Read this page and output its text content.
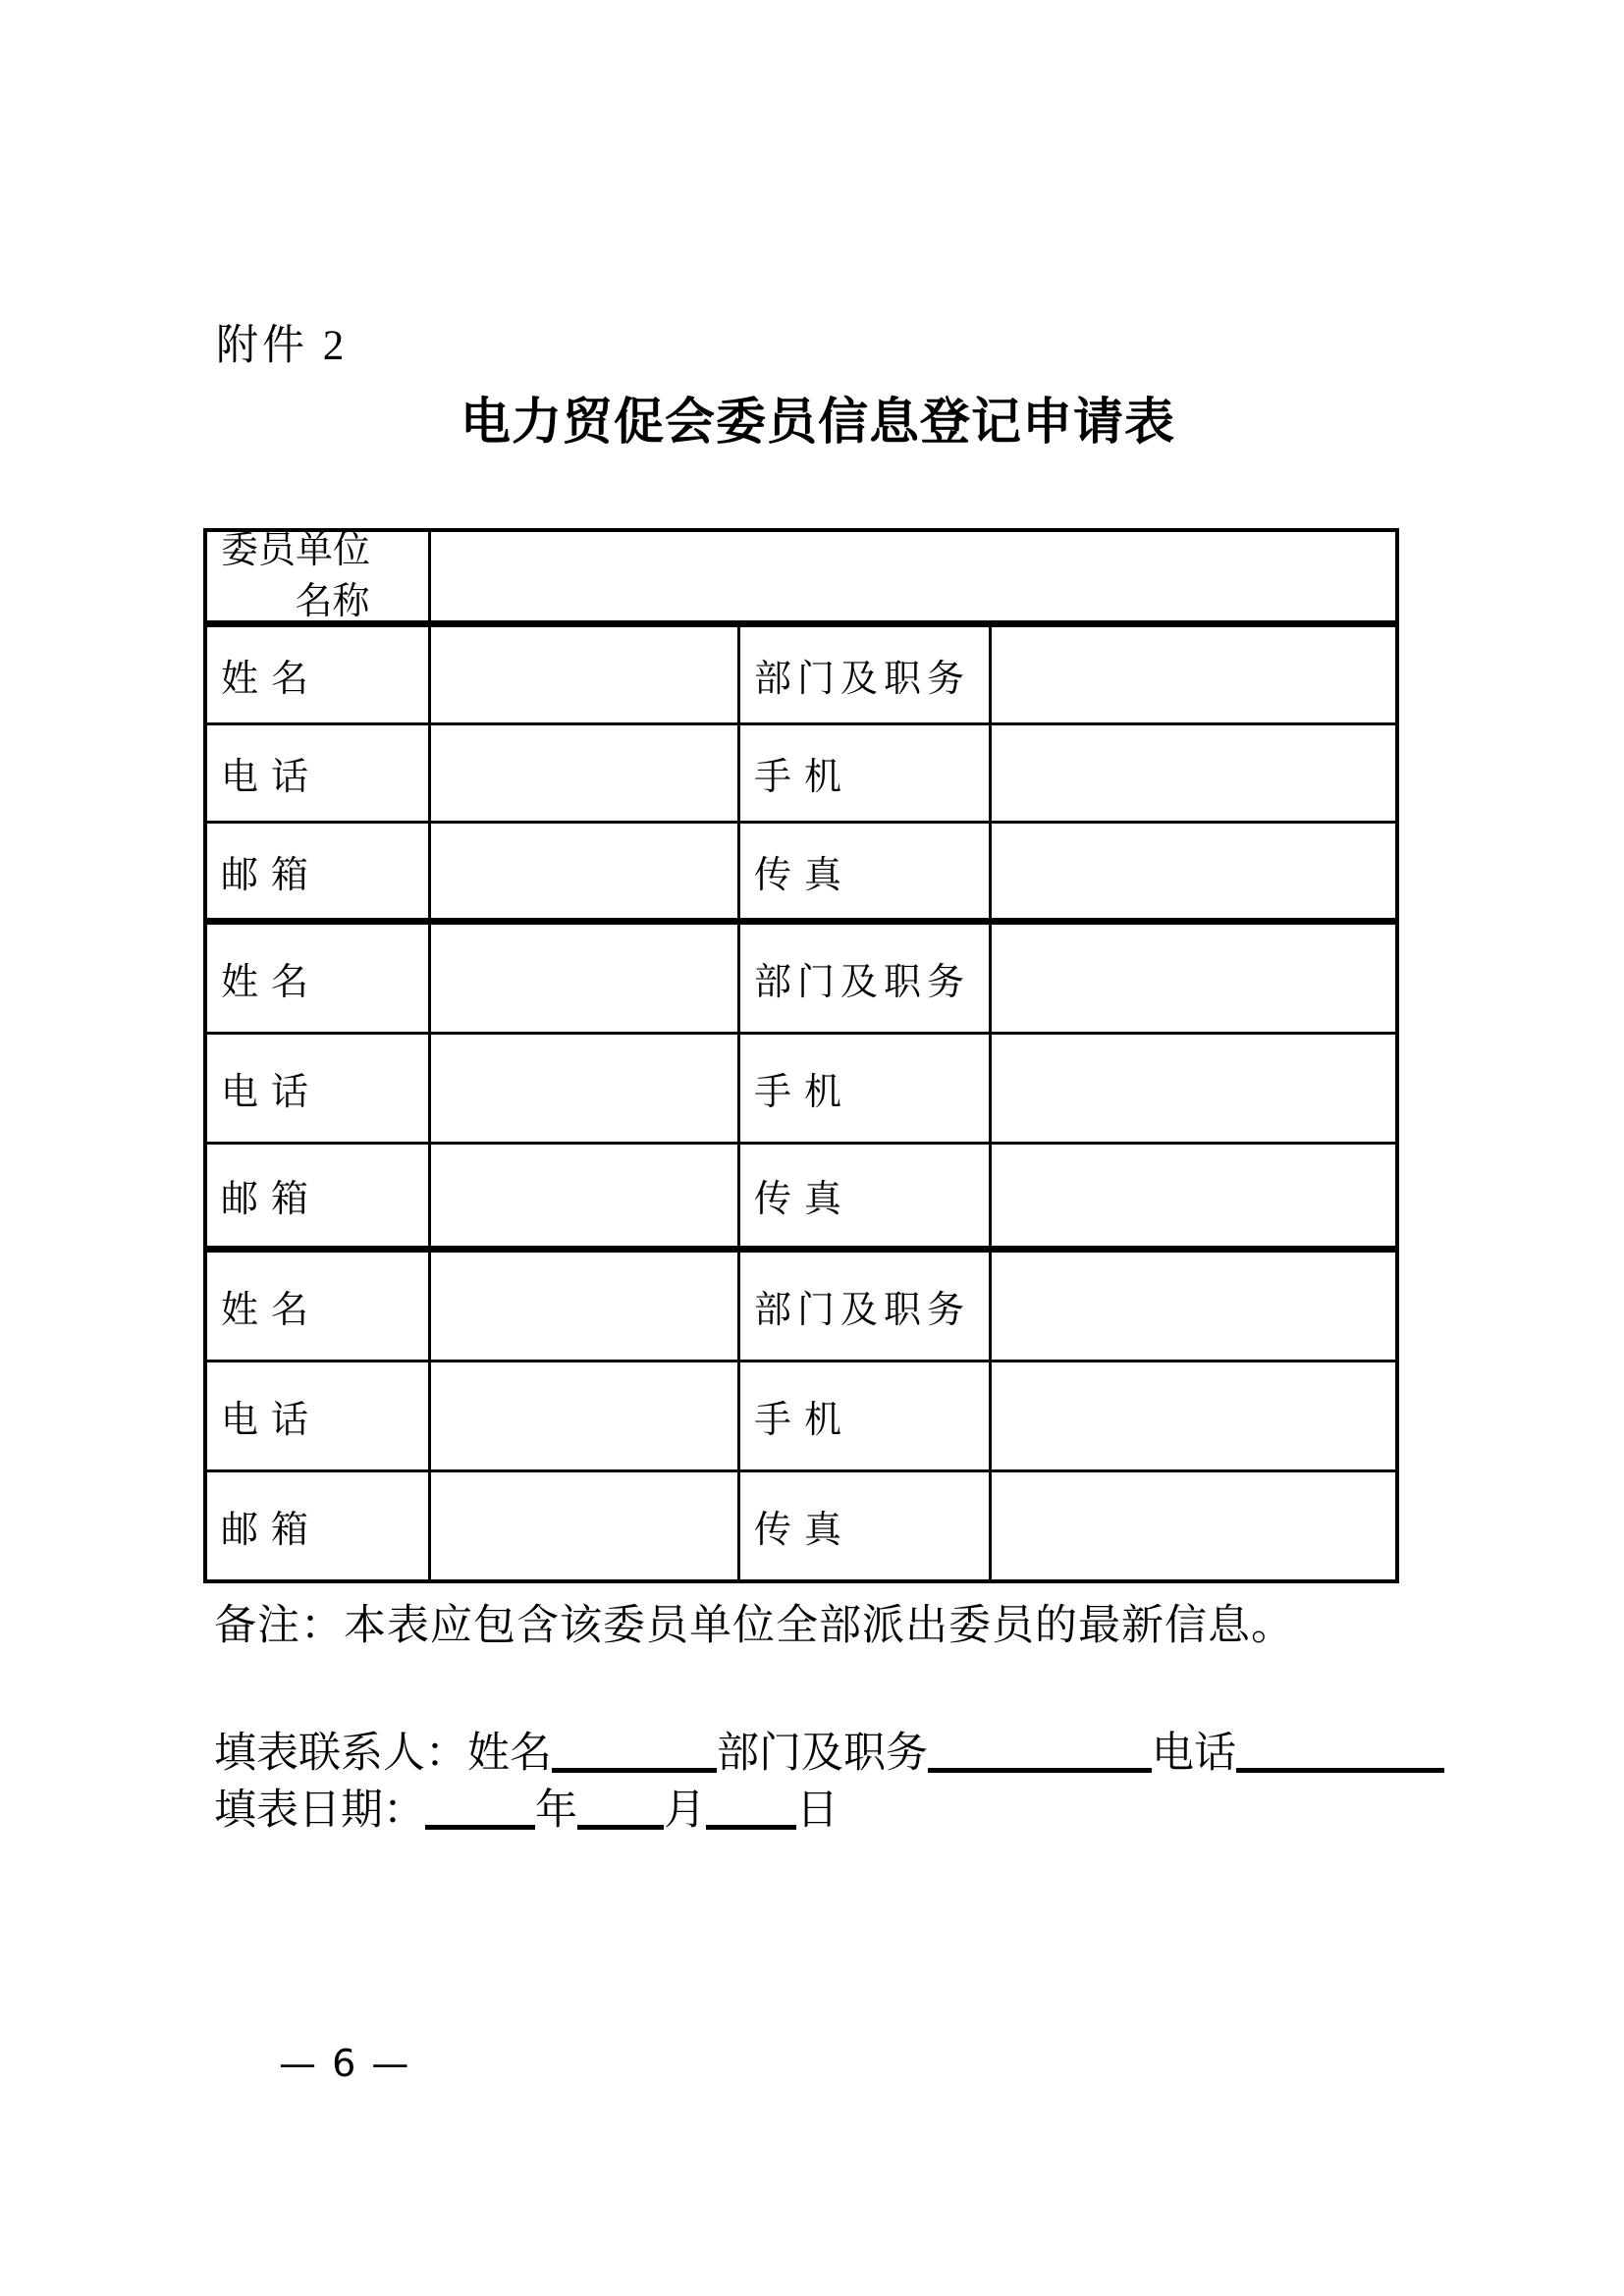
附件 2
电力贸促会委员信息登记申请表
委员单位
名称
姓名	部门及职务
电话	手机
邮箱	传真
姓名	部门及职务
电话	手机
邮箱	传真
姓名	部门及职务
电话	手机
邮箱	传真

备注：本表应包含该委员单位全部派出委员的最新信息。

填表联系人：姓名	部门及职务	电话
填表日期：	年 月 日
— 6 —
